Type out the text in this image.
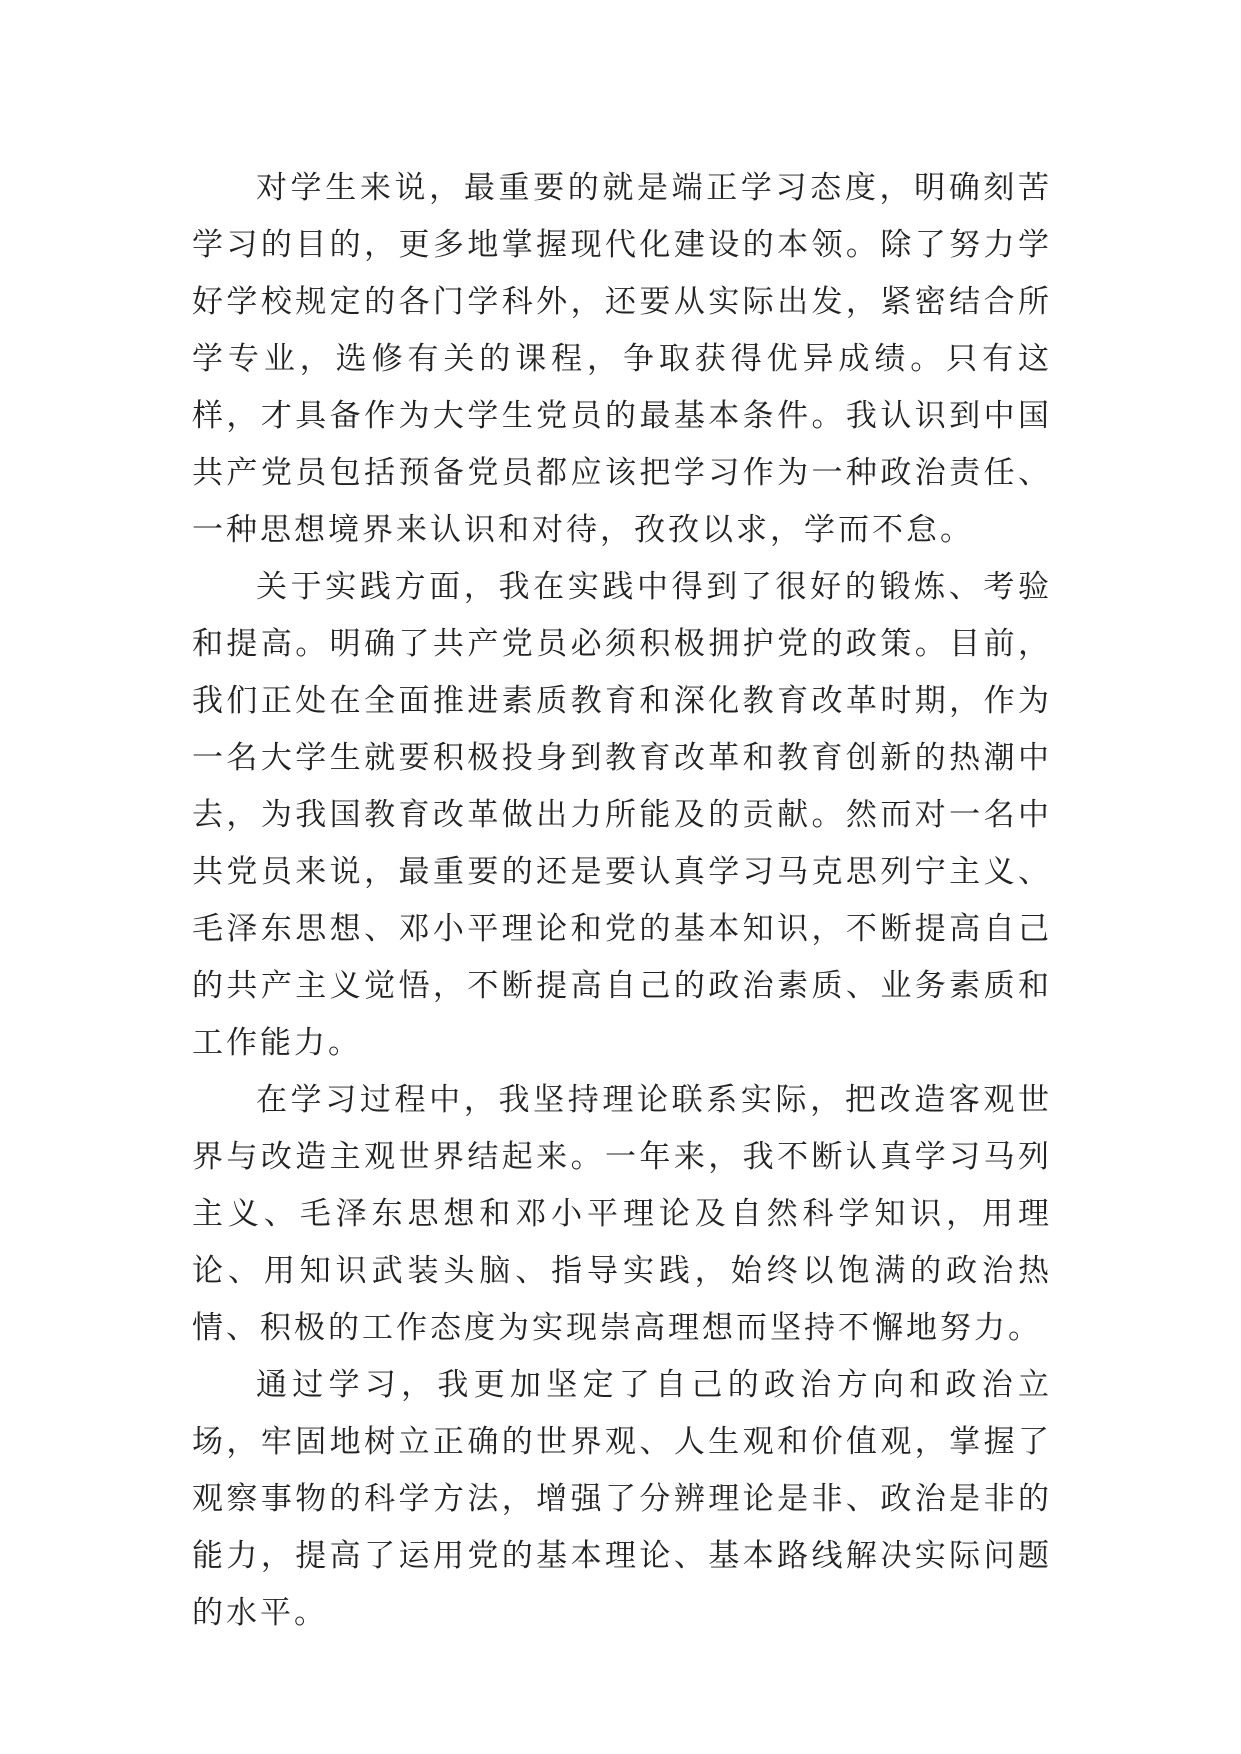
对学生来说，最重要的就是端正学习态度，明确刻苦学习的目的，更多地掌握现代化建设的本领。除了努力学好学校规定的各门学科外，还要从实际出发，紧密结合所学专业，选修有关的课程，争取获得优异成绩。只有这样，才具备作为大学生党员的最基本条件。我认识到中国共产党员包括预备党员都应该把学习作为一种政治责任、一种思想境界来认识和对待，孜孜以求，学而不怠。

关于实践方面，我在实践中得到了很好的锻炼、考验和提高。明确了共产党员必须积极拥护党的政策。目前，我们正处在全面推进素质教育和深化教育改革时期，作为一名大学生就要积极投身到教育改革和教育创新的热潮中去，为我国教育改革做出力所能及的贡献。然而对一名中共党员来说，最重要的还是要认真学习马克思列宁主义、毛泽东思想、邓小平理论和党的基本知识，不断提高自己的共产主义觉悟，不断提高自己的政治素质、业务素质和工作能力。

在学习过程中，我坚持理论联系实际，把改造客观世界与改造主观世界结起来。一年来，我不断认真学习马列主义、毛泽东思想和邓小平理论及自然科学知识，用理论、用知识武装头脑、指导实践，始终以饱满的政治热情、积极的工作态度为实现崇高理想而坚持不懈地努力。

通过学习，我更加坚定了自己的政治方向和政治立场，牢固地树立正确的世界观、人生观和价值观，掌握了观察事物的科学方法，增强了分辨理论是非、政治是非的能力，提高了运用党的基本理论、基本路线解决实际问题的水平。
